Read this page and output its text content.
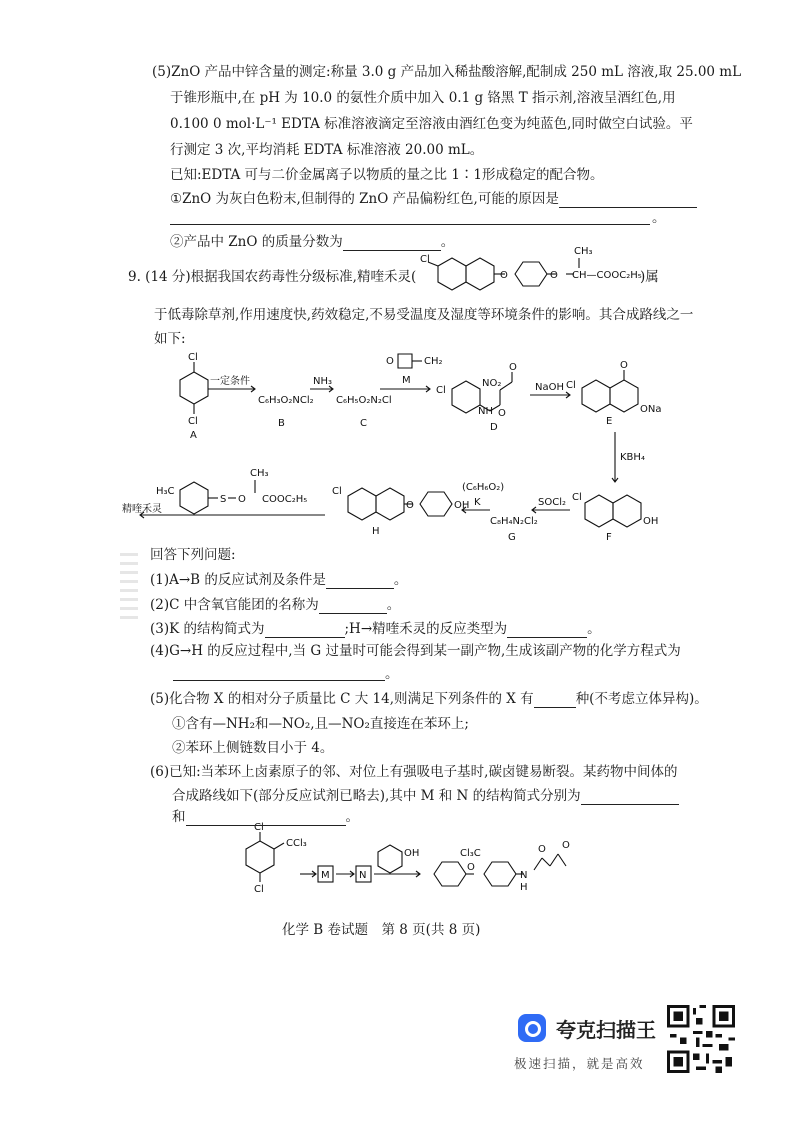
(5)ZnO 产品中锌含量的测定:称量 3.0 g 产品加入稀盐酸溶解,配制成 250 mL 溶液,取 25.00 mL
于锥形瓶中,在 pH 为 10.0 的氨性介质中加入 0.1 g 铬黑 T 指示剂,溶液呈酒红色,用
0.100 0 mol·L⁻¹ EDTA 标准溶液滴定至溶液由酒红色变为纯蓝色,同时做空白试验。平
行测定 3 次,平均消耗 EDTA 标准溶液 20.00 mL。
已知:EDTA 可与二价金属离子以物质的量之比 1∶1形成稳定的配合物。
①ZnO 为灰白色粉末,但制得的 ZnO 产品偏粉红色,可能的原因是
。
②产品中 ZnO 的质量分数为	。
9. (14 分)根据我国农药毒性分级标准,精喹禾灵(	)属
于低毒除草剂,作用速度快,药效稳定,不易受温度及湿度等环境条件的影响。其合成路线之一
如下:
Cl
O	O
CH₃
CH—COOC₂H₅
Cl
Cl
A
一定条件
C₆H₃O₂NCl₂
B
NH₃
C₆H₅O₂N₂Cl
C
O	CH₂
M
Cl
NO₂
NH
O
O
D
NaOH Cl
O
ONa
E
KBH₄
Cl
OH
F
SOCl₂
C₈H₄N₂Cl₂
G
(C₆H₆O₂)
K
OH
O
Cl
H
H₃C
S O
CH₃
COOC₂H₅
精喹禾灵
Cl
CCl₃
Cl
M	N
OH
O
Cl₃C
N
H
O O
回答下列问题:
(1)A→B 的反应试剂及条件是	。
(2)C 中含氧官能团的名称为	。
(3)K 的结构简式为	;H→精喹禾灵的反应类型为	。
(4)G→H 的反应过程中,当 G 过量时可能会得到某一副产物,生成该副产物的化学方程式为
。
(5)化合物 X 的相对分子质量比 C 大 14,则满足下列条件的 X 有	种(不考虑立体异构)。
①含有—NH₂和—NO₂,且—NO₂直接连在苯环上;
②苯环上侧链数目小于 4。
(6)已知:当苯环上卤素原子的邻、对位上有强吸电子基时,碳卤键易断裂。某药物中间体的
合成路线如下(部分反应试剂已略去),其中 M 和 N 的结构简式分别为
和	。
化学 B 卷试题　第 8 页(共 8 页)
夸克扫描王
极速扫描，就是高效
